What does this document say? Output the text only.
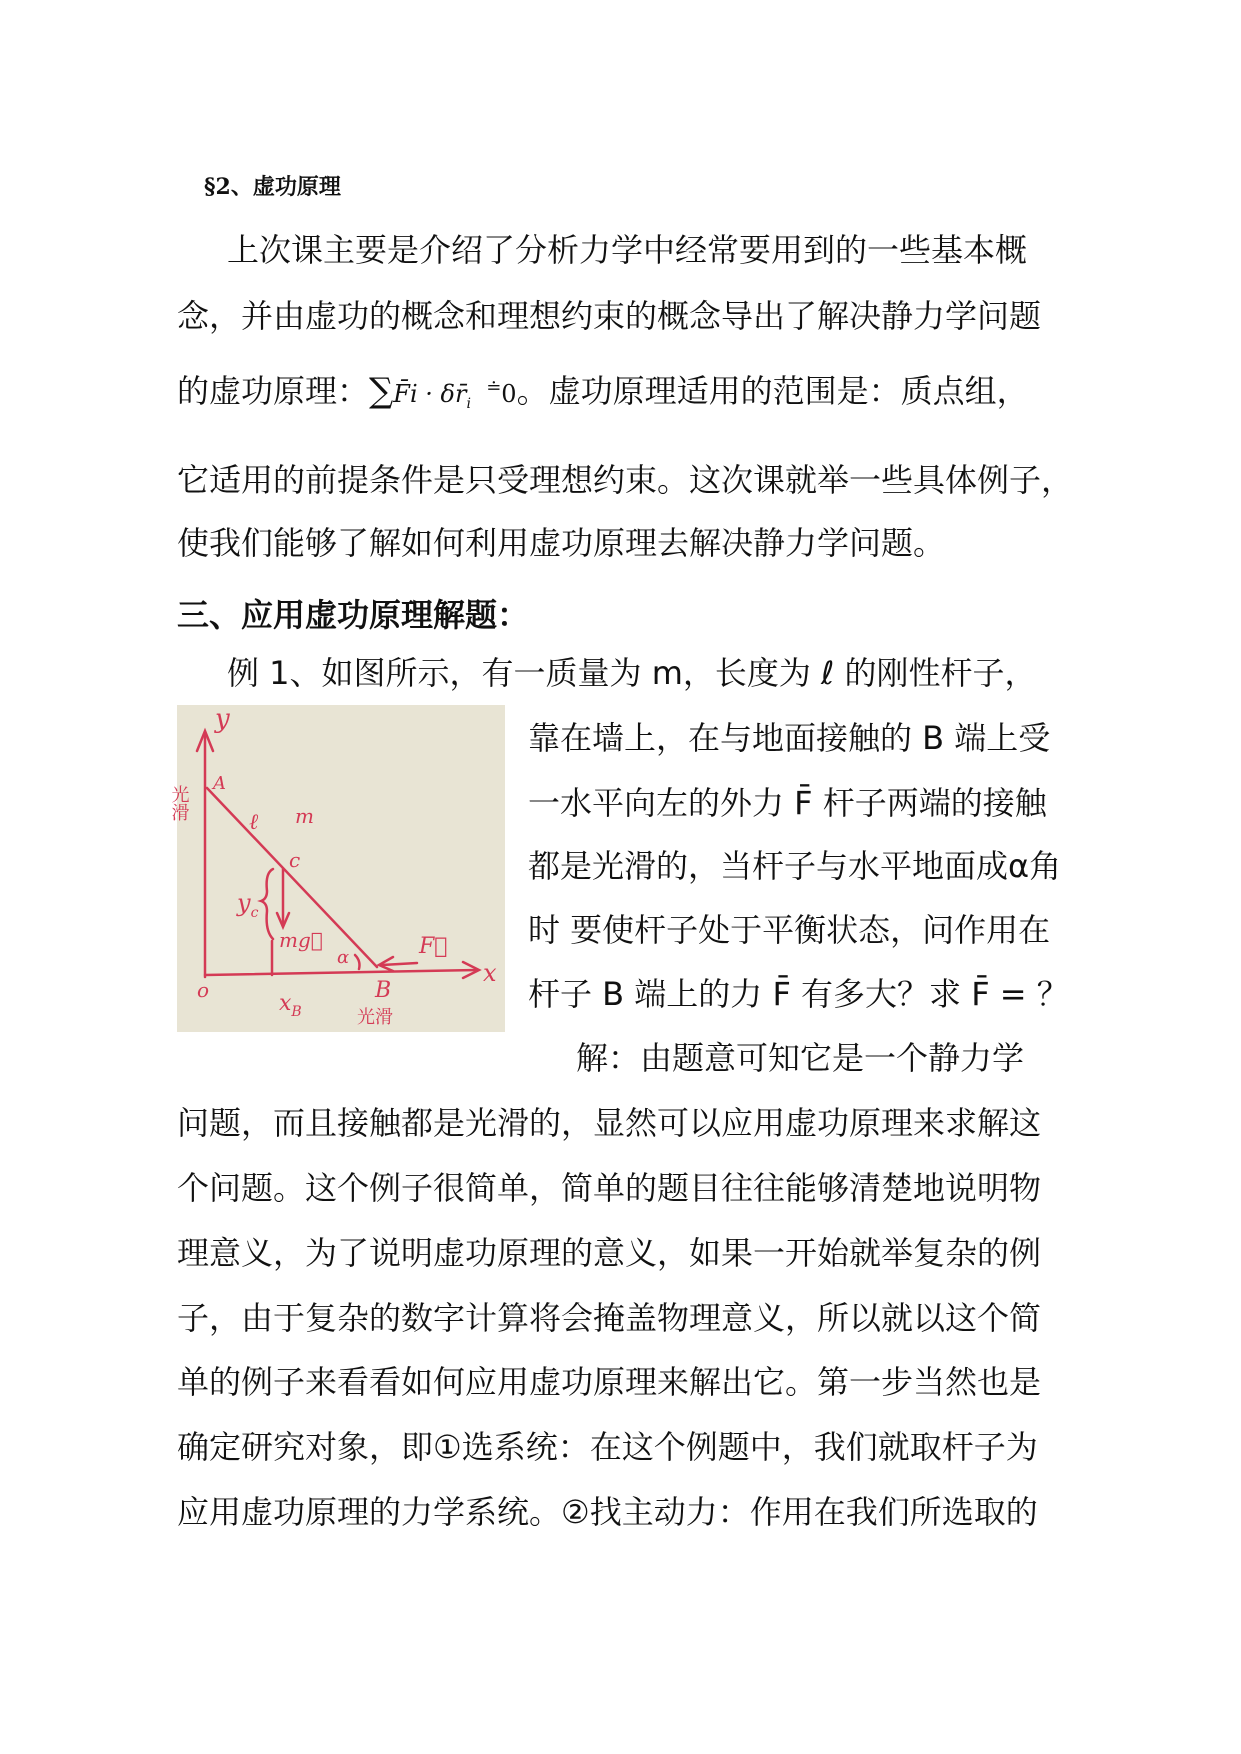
§2、虚功原理
上次课主要是介绍了分析力学中经常要用到的一些基本概
念，并由虚功的概念和理想约束的概念导出了解决静力学问题
的虚功原理：∑F̄i · $\delta r̄_i$  ≐0。虚功原理适用的范围是：质点组，
它适用的前提条件是只受理想约束。这次课就举一些具体例子，
使我们能够了解如何利用虚功原理去解决静力学问题。
三、应用虚功原理解题：
例 1、如图所示，有一质量为 m，长度为 ℓ 的刚性杆子，
y
x
o
A
B
c
ℓ m
$y_c$
mg⃗	F⃗
α
$x_B$
光滑
光滑
靠在墙上，在与地面接触的 B 端上受
一水平向左的外力 F̄ 杆子两端的接触
都是光滑的，当杆子与水平地面成α角
时 要使杆子处于平衡状态，问作用在
杆子 B 端上的力 F̄ 有多大？求 F̄ = ？
解：由题意可知它是一个静力学
问题，而且接触都是光滑的，显然可以应用虚功原理来求解这
个问题。这个例子很简单，简单的题目往往能够清楚地说明物
理意义，为了说明虚功原理的意义，如果一开始就举复杂的例
子，由于复杂的数字计算将会掩盖物理意义，所以就以这个简
单的例子来看看如何应用虚功原理来解出它。第一步当然也是
确定研究对象，即①选系统：在这个例题中，我们就取杆子为
应用虚功原理的力学系统。②找主动力：作用在我们所选取的
